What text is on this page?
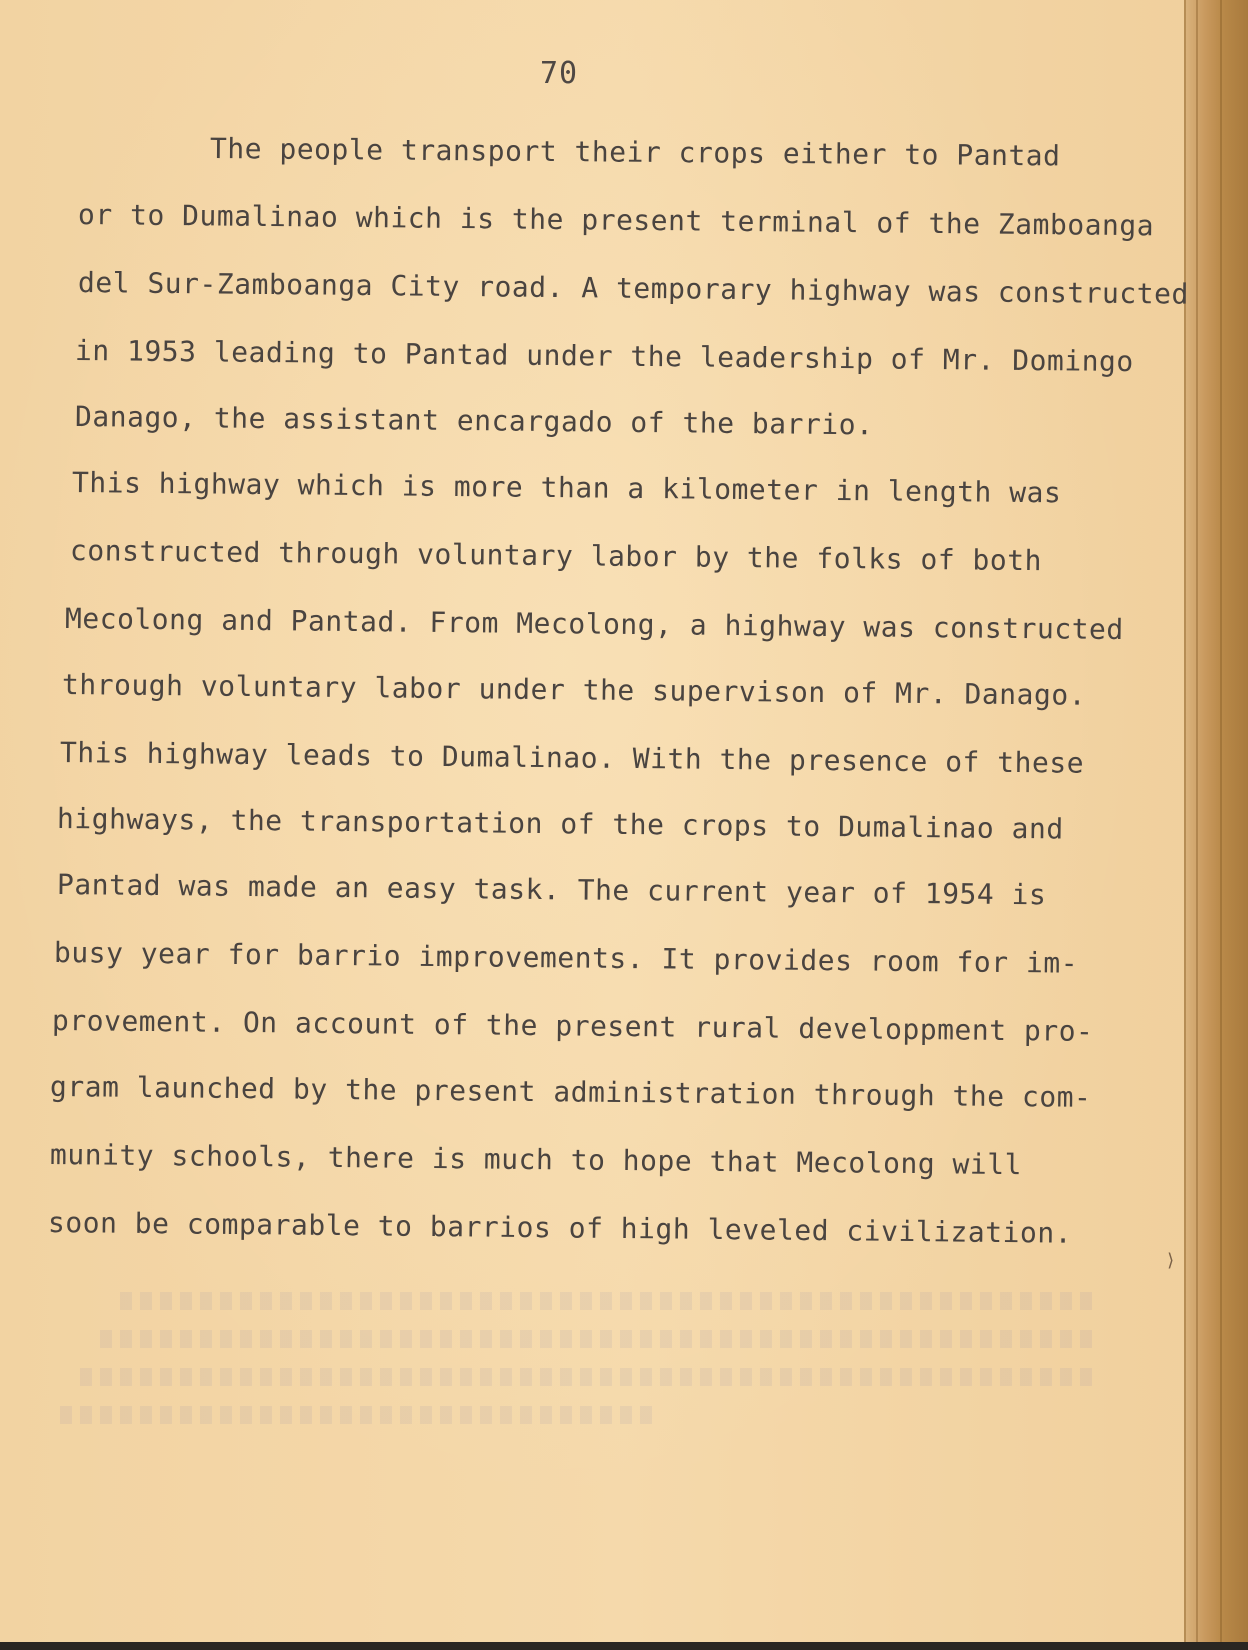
70
The people transport their crops either to Pantad
or to Dumalinao which is the present terminal of the Zamboanga
del Sur-Zamboanga City road. A temporary highway was constructed
in 1953 leading to Pantad under the leadership of Mr. Domingo
Danago, the assistant encargado of the barrio.
This highway which is more than a kilometer in length was
constructed through voluntary labor by the folks of both
Mecolong and Pantad. From Mecolong, a highway was constructed
through voluntary labor under the supervison of Mr. Danago.
This highway leads to Dumalinao. With the presence of these
highways, the transportation of the crops to Dumalinao and
Pantad was made an easy task. The current year of 1954 is
busy year for barrio improvements. It provides room for im-
provement. On account of the present rural developpment pro-
gram launched by the present administration through the com-
munity schools, there is much to hope that Mecolong will
soon be comparable to barrios of high leveled civilization.
⟩
